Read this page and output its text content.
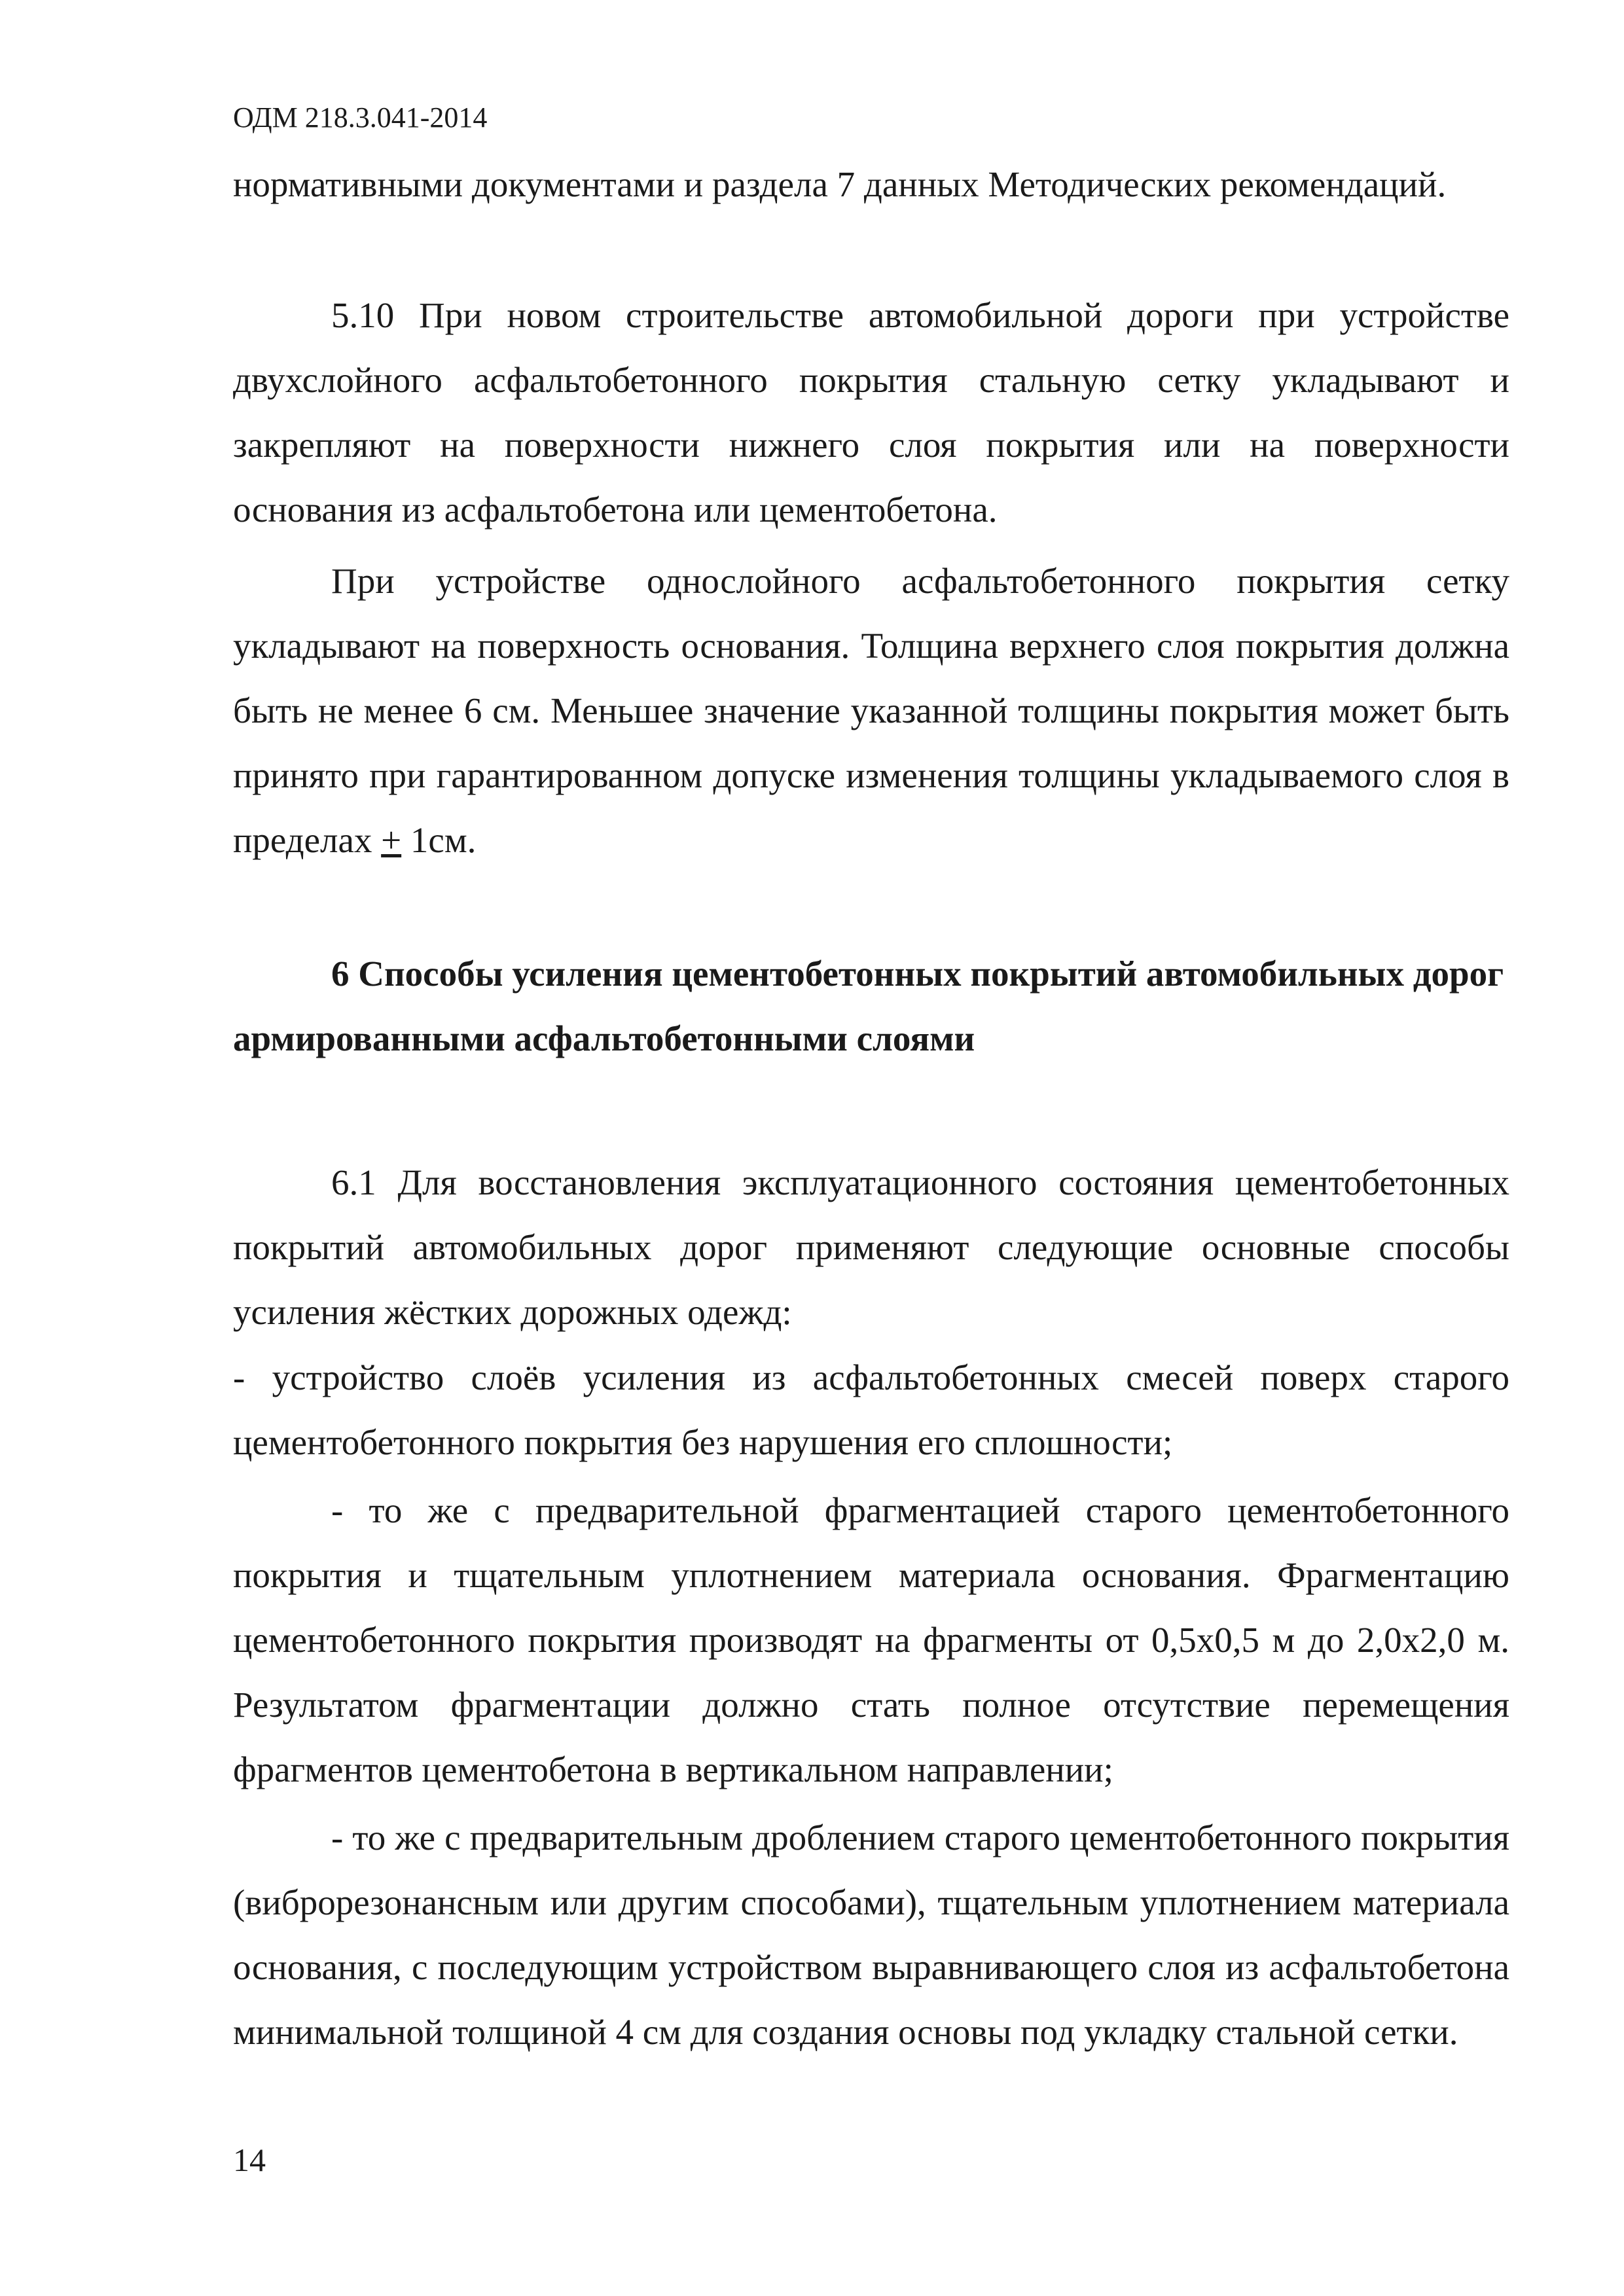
ОДМ 218.3.041-2014

нормативными документами и раздела 7 данных Методических рекомендаций.

5.10 При новом строительстве автомобильной дороги при устройстве двухслойного асфальтобетонного покрытия стальную сетку укладывают и закрепляют на поверхности нижнего слоя покрытия или на поверхности основания из асфальтобетона или цементобетона.

При устройстве однослойного асфальтобетонного покрытия сетку укладывают на поверхность основания. Толщина верхнего слоя покрытия должна быть не менее 6 см. Меньшее значение указанной толщины покрытия может быть принято при гарантированном допуске изменения толщины укладываемого слоя в пределах + 1см.

6 Способы усиления цементобетонных покрытий автомобильных дорог армированными асфальтобетонными слоями

6.1 Для восстановления эксплуатационного состояния цементобетонных покрытий автомобильных дорог применяют следующие основные способы усиления жёстких дорожных одежд:

- устройство слоёв усиления из асфальтобетонных смесей поверх старого цементобетонного покрытия без нарушения его сплошности;

- то же с предварительной фрагментацией старого цементобетонного покрытия и тщательным уплотнением материала основания. Фрагментацию цементобетонного покрытия производят на фрагменты от 0,5х0,5 м до 2,0х2,0 м. Результатом фрагментации должно стать полное отсутствие перемещения фрагментов цементобетона в вертикальном направлении;

- то же с предварительным дроблением старого цементобетонного покрытия (виброрезонансным или другим способами), тщательным уплотнением материала основания, с последующим устройством выравнивающего слоя из асфальтобетона минимальной толщиной 4 см для создания основы под укладку стальной сетки.

14
